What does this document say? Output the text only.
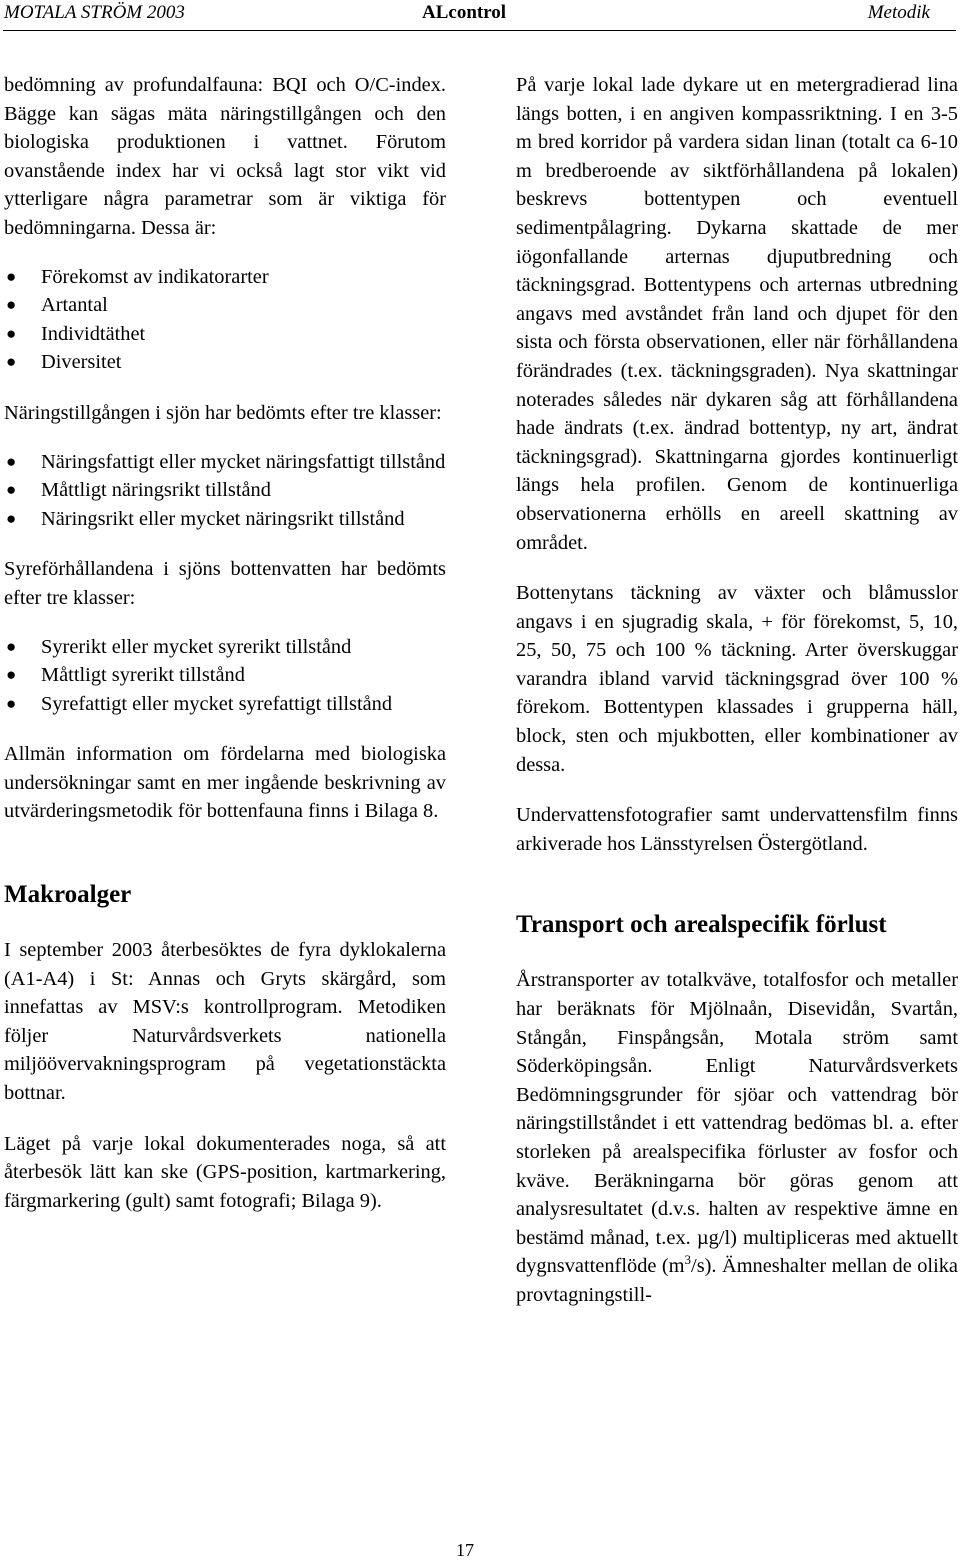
MOTALA STRÖM 2003	ALcontrol	Metodik

bedömning av profundalfauna: BQI och O/C-index. Bägge kan sägas mäta näringstillgången och den biologiska produktionen i vattnet. Förutom ovanstående index har vi också lagt stor vikt vid ytterligare några parametrar som är viktiga för bedömningarna. Dessa är:

●	Förekomst av indikatorarter
●	Artantal
●	Individtäthet
●	Diversitet

Näringstillgången i sjön har bedömts efter tre klasser:

●	Näringsfattigt eller mycket näringsfattigt tillstånd
●	Måttligt näringsrikt tillstånd
●	Näringsrikt eller mycket näringsrikt tillstånd

Syreförhållandena i sjöns bottenvatten har bedömts efter tre klasser:

●	Syrerikt eller mycket syrerikt tillstånd
●	Måttligt syrerikt tillstånd
●	Syrefattigt eller mycket syrefattigt tillstånd

Allmän information om fördelarna med biologiska undersökningar samt en mer ingående beskrivning av utvärderingsmetodik för bottenfauna finns i Bilaga 8.

Makroalger

I september 2003 återbesöktes de fyra dyklokalerna (A1-A4) i St: Annas och Gryts skärgård, som innefattas av MSV:s kontrollprogram. Metodiken följer Naturvårdsverkets nationella miljöövervakningsprogram på vegetationstäckta bottnar.

Läget på varje lokal dokumenterades noga, så att återbesök lätt kan ske (GPS-position, kartmarkering, färgmarkering (gult) samt fotografi; Bilaga 9).

På varje lokal lade dykare ut en metergradierad lina längs botten, i en angiven kompassriktning. I en 3-5 m bred korridor på vardera sidan linan (totalt ca 6-10 m bredberoende av siktförhållandena på lokalen) beskrevs bottentypen och eventuell sedimentpålagring. Dykarna skattade de mer iögonfallande arternas djuputbredning och täckningsgrad. Bottentypens och arternas utbredning angavs med avståndet från land och djupet för den sista och första observationen, eller när förhållandena förändrades (t.ex. täckningsgraden). Nya skattningar noterades således när dykaren såg att förhållandena hade ändrats (t.ex. ändrad bottentyp, ny art, ändrat täckningsgrad). Skattningarna gjordes kontinuerligt längs hela profilen. Genom de kontinuerliga observationerna erhölls en areell skattning av området.

Bottenytans täckning av växter och blåmusslor angavs i en sjugradig skala, + för förekomst, 5, 10, 25, 50, 75 och 100 % täckning. Arter överskuggar varandra ibland varvid täckningsgrad över 100 % förekom. Bottentypen klassades i grupperna häll, block, sten och mjukbotten, eller kombinationer av dessa.

Undervattensfotografier samt undervattensfilm finns arkiverade hos Länsstyrelsen Östergötland.

Transport och arealspecifik förlust

Årstransporter av totalkväve, totalfosfor och metaller har beräknats för Mjölnaån, Disevidån, Svartån, Stångån, Finspångsån, Motala ström samt Söderköpingsån. Enligt Naturvårdsverkets Bedömningsgrunder för sjöar och vattendrag bör näringstillståndet i ett vattendrag bedömas bl. a. efter storleken på arealspecifika förluster av fosfor och kväve. Beräkningarna bör göras genom att analysresultatet (d.v.s. halten av respektive ämne en bestämd månad, t.ex. µg/l) multipliceras med aktuellt dygnsvattenflöde $(m^3/s)$. Ämneshalter mellan de olika provtagningstill-

17
